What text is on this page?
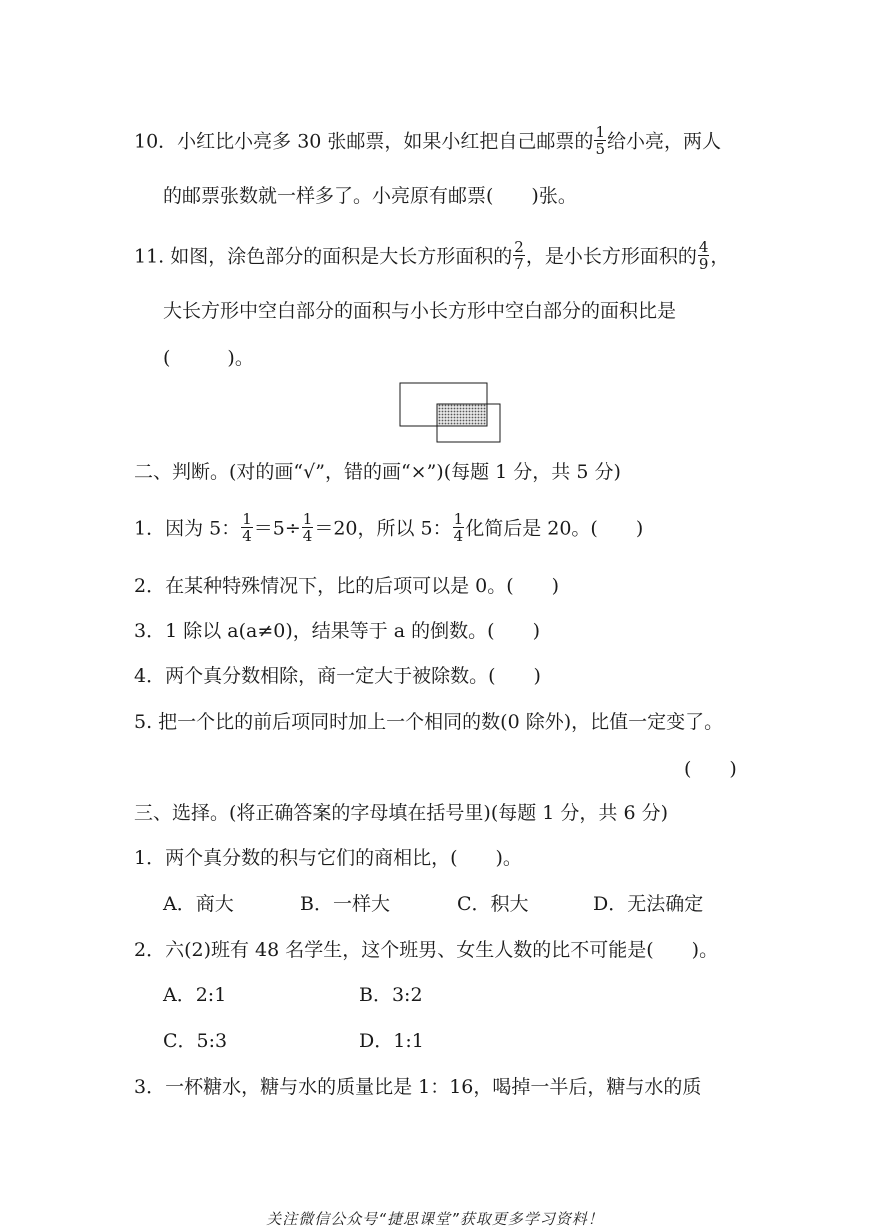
10．小红比小亮多 30 张邮票，如果小红把自己邮票的 $\frac{1}{5}$ 给小亮，两人
的邮票张数就一样多了。小亮原有邮票(　　)张。
11. 如图，涂色部分的面积是大长方形面积的 $\frac{2}{7}$ ，是小长方形面积的 $\frac{4}{9}$ ，
大长方形中空白部分的面积与小长方形中空白部分的面积比是
(　　　)。
二、判断。(对的画“√”，错的画“×”)(每题 1 分，共 5 分)
1．因为 5： $\frac{1}{4} =5\div \frac{1}{4} =20$，所以 5： $\frac{1}{4}$ 化简后是 20。(　　)
2．在某种特殊情况下，比的后项可以是 0。(　　)
3．1 除以 a(a≠0)，结果等于 a 的倒数。(　　)
4．两个真分数相除，商一定大于被除数。(　　)
5. 把一个比的前后项同时加上一个相同的数(0 除外)，比值一定变了。
(　　)
三、选择。(将正确答案的字母填在括号里)(每题 1 分，共 6 分)
1．两个真分数的积与它们的商相比，(　　)。
A．商大	B．一样大	C．积大	D．无法确定
2．六(2)班有 48 名学生，这个班男、女生人数的比不可能是(　　)。
A．2:1	B．3:2
C．5:3	D．1:1
3．一杯糖水，糖与水的质量比是 1：16，喝掉一半后，糖与水的质
关注微信公众号“捷思课堂”获取更多学习资料！
